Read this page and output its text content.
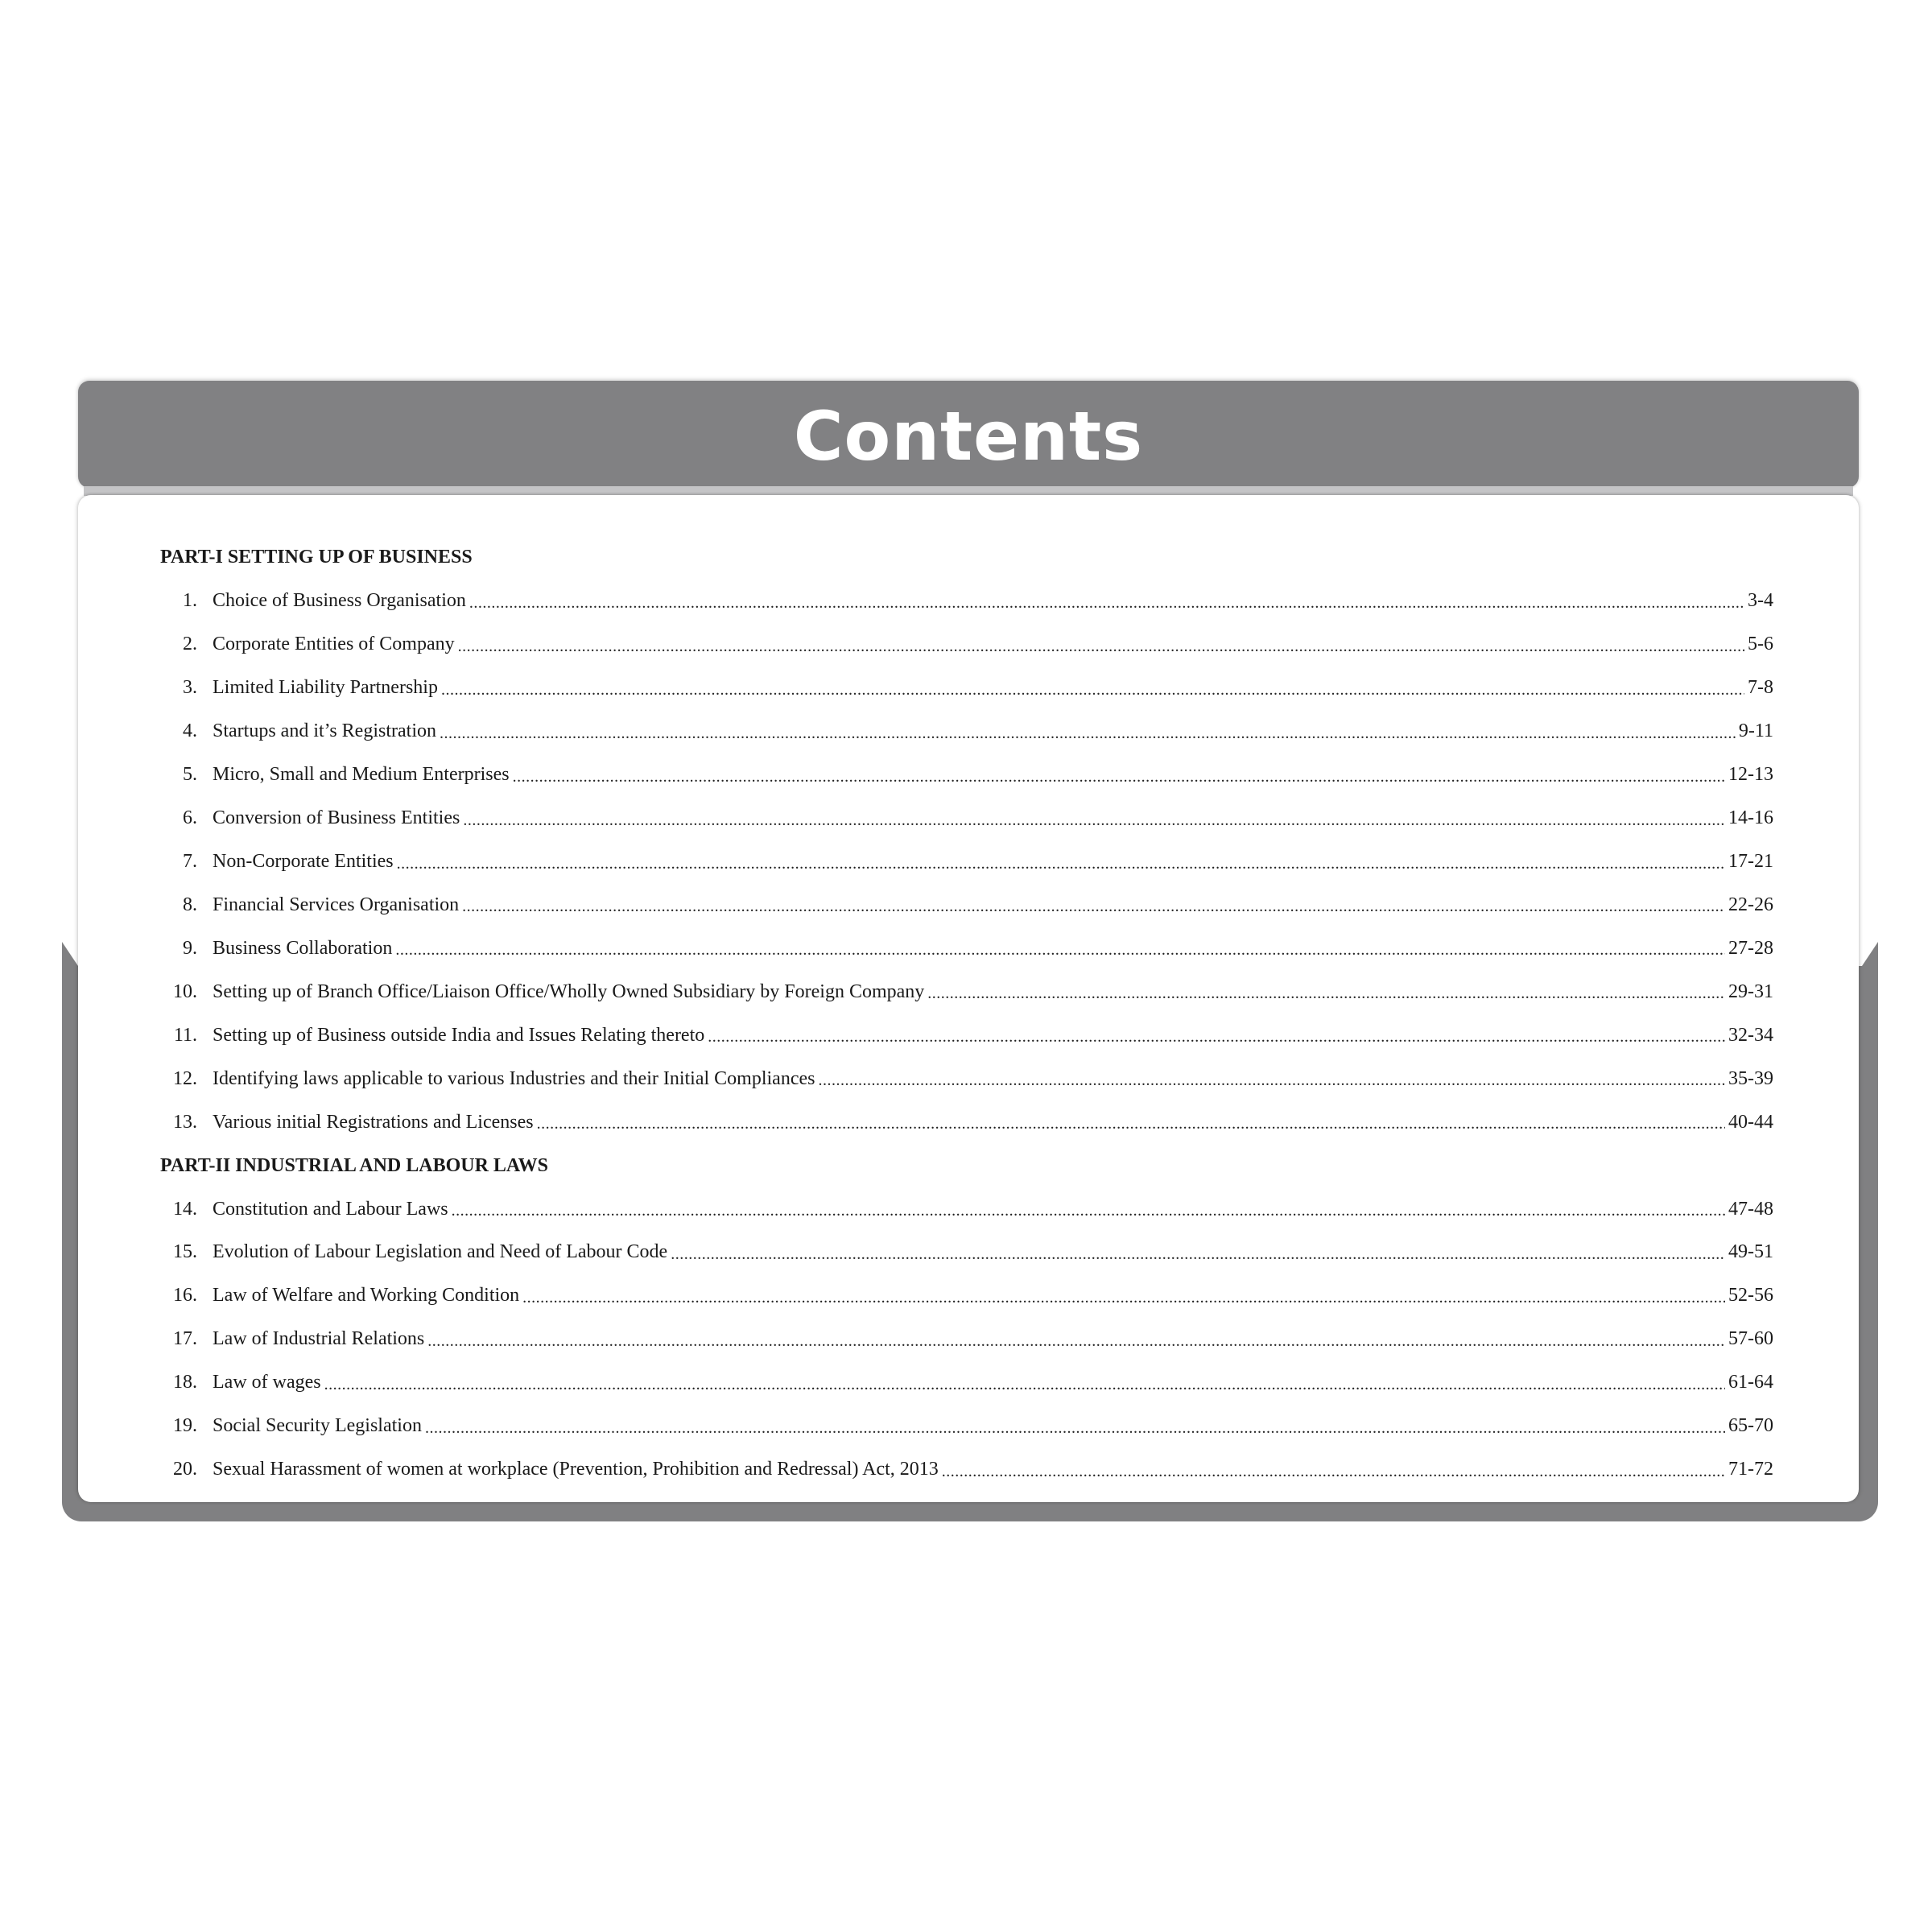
Contents
PART-I SETTING UP OF BUSINESS
1. Choice of Business Organisation .....	3-4
2. Corporate Entities of Company .....	5-6
3. Limited Liability Partnership .....	7-8
4. Startups and it’s Registration .....	9-11
5. Micro, Small and Medium Enterprises .....	12-13
6. Conversion of Business Entities .....	14-16
7. Non-Corporate Entities .....	17-21
8. Financial Services Organisation .....	22-26
9. Business Collaboration .....	27-28
10. Setting up of Branch Office/Liaison Office/Wholly Owned Subsidiary by Foreign Company .....	29-31
11. Setting up of Business outside India and Issues Relating thereto .....	32-34
12. Identifying laws applicable to various Industries and their Initial Compliances .....	35-39
13. Various initial Registrations and Licenses .....	40-44
PART-II INDUSTRIAL AND LABOUR LAWS
14. Constitution and Labour Laws .....	47-48
15. Evolution of Labour Legislation and Need of Labour Code .....	49-51
16. Law of Welfare and Working Condition .....	52-56
17. Law of Industrial Relations .....	57-60
18. Law of wages .....	61-64
19. Social Security Legislation .....	65-70
20. Sexual Harassment of women at workplace (Prevention, Prohibition and Redressal) Act, 2013 .....	71-72
